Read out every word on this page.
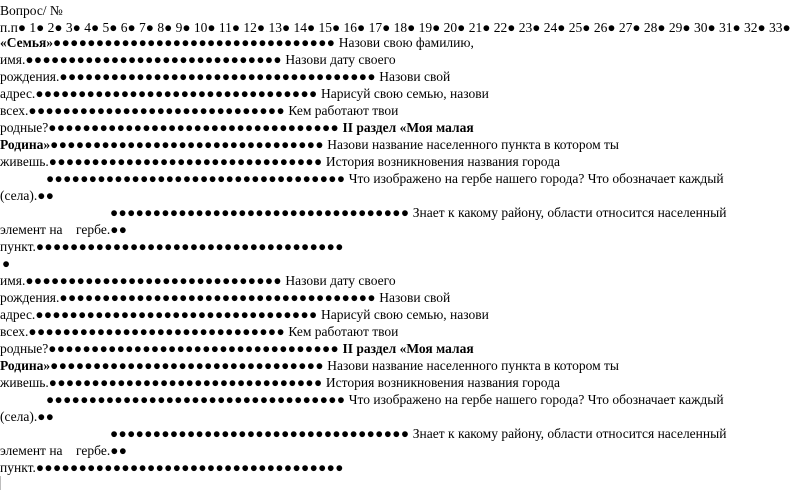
Вопрос/ №
п.п● 1● 2● 3● 4● 5● 6● 7● 8● 9● 10● 11● 12● 13● 14● 15● 16● 17● 18● 19● 20● 21● 22● 23● 24● 25● 26● 27● 28● 29● 30● 31● 32● 33●
«Семья»●●●●●●●●●●●●●●●●●●●●●●●●●●●●●●●●● Назови свою фамилию,
имя.●●●●●●●●●●●●●●●●●●●●●●●●●●●●●● Назови дату своего
рождения.●●●●●●●●●●●●●●●●●●●●●●●●●●●●●●●●●●●●● Назови свой
адрес.●●●●●●●●●●●●●●●●●●●●●●●●●●●●●●●●● Нарисуй свою семью, назови
всех.●●●●●●●●●●●●●●●●●●●●●●●●●●●●●● Кем работают твои
родные?●●●●●●●●●●●●●●●●●●●●●●●●●●●●●●●●●● II раздел «Моя малая
Родина»●●●●●●●●●●●●●●●●●●●●●●●●●●●●●●●● Назови название населенного пункта в котором ты
живешь.●●●●●●●●●●●●●●●●●●●●●●●●●●●●●●●● История возникновения названия города
●●●●●●●●●●●●●●●●●●●●●●●●●●●●●●●●●●● Что изображено на гербе нашего города? Что обозначает каждый
(села).●●
●●●●●●●●●●●●●●●●●●●●●●●●●●●●●●●●●●● Знает к какому району, области относится населенный
элемент на гербе.●●
пункт.●●●●●●●●●●●●●●●●●●●●●●●●●●●●●●●●●●●●
●
имя.●●●●●●●●●●●●●●●●●●●●●●●●●●●●●● Назови дату своего
рождения.●●●●●●●●●●●●●●●●●●●●●●●●●●●●●●●●●●●●● Назови свой
адрес.●●●●●●●●●●●●●●●●●●●●●●●●●●●●●●●●● Нарисуй свою семью, назови
всех.●●●●●●●●●●●●●●●●●●●●●●●●●●●●●● Кем работают твои
родные?●●●●●●●●●●●●●●●●●●●●●●●●●●●●●●●●●● II раздел «Моя малая
Родина»●●●●●●●●●●●●●●●●●●●●●●●●●●●●●●●● Назови название населенного пункта в котором ты
живешь.●●●●●●●●●●●●●●●●●●●●●●●●●●●●●●●● История возникновения названия города
●●●●●●●●●●●●●●●●●●●●●●●●●●●●●●●●●●● Что изображено на гербе нашего города? Что обозначает каждый
(села).●●
●●●●●●●●●●●●●●●●●●●●●●●●●●●●●●●●●●● Знает к какому району, области относится населенный
элемент на гербе.●●
пункт.●●●●●●●●●●●●●●●●●●●●●●●●●●●●●●●●●●●●
